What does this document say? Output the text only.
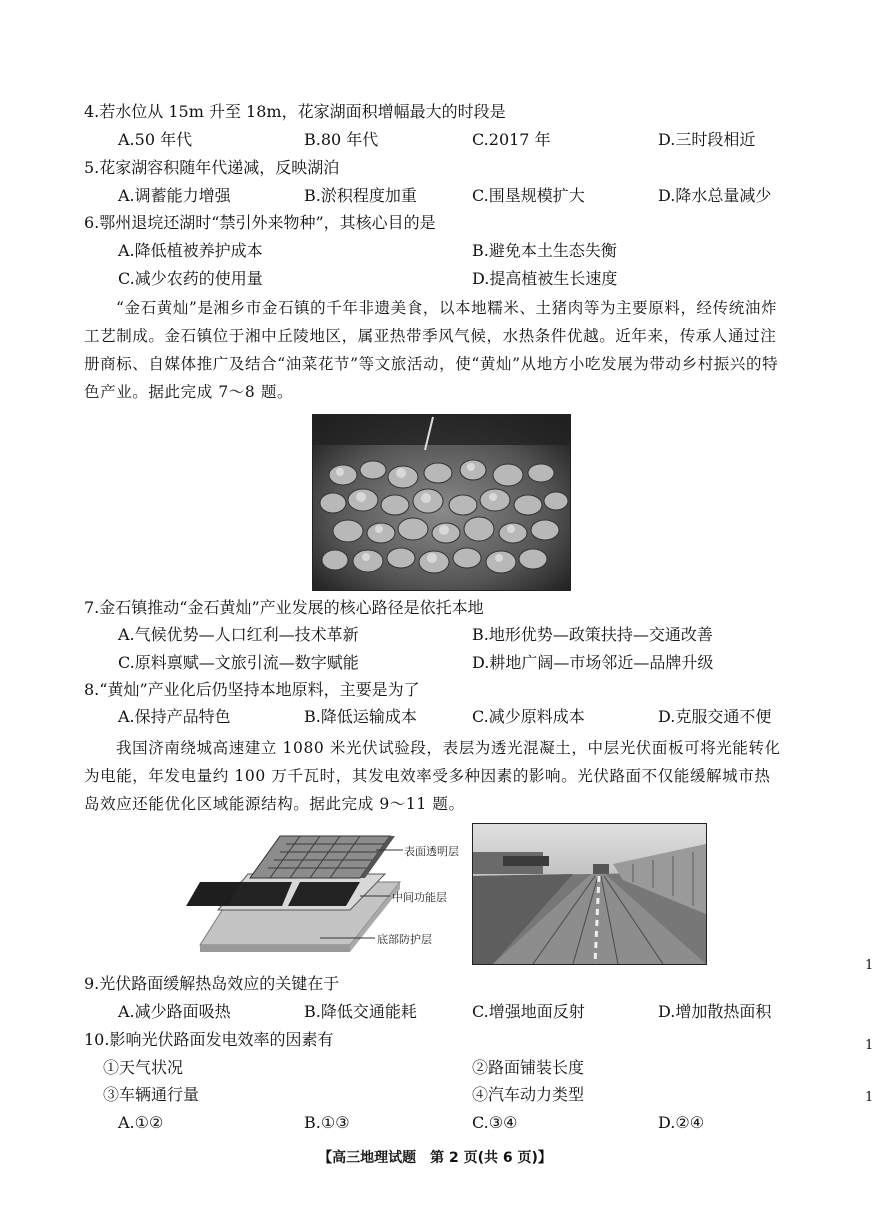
4.若水位从 15m 升至 18m，花家湖面积增幅最大的时段是
A.50 年代	B.80 年代	C.2017 年	D.三时段相近
5.花家湖容积随年代递减，反映湖泊
A.调蓄能力增强	B.淤积程度加重	C.围垦规模扩大	D.降水总量减少
6.鄂州退垸还湖时“禁引外来物种”，其核心目的是
A.降低植被养护成本	B.避免本土生态失衡
C.减少农药的使用量	D.提高植被生长速度
“金石黄灿”是湘乡市金石镇的千年非遗美食，以本地糯米、土猪肉等为主要原料，经传统油炸工艺制成。金石镇位于湘中丘陵地区，属亚热带季风气候，水热条件优越。近年来，传承人通过注册商标、自媒体推广及结合“油菜花节”等文旅活动，使“黄灿”从地方小吃发展为带动乡村振兴的特色产业。据此完成 7～8 题。
7.金石镇推动“金石黄灿”产业发展的核心路径是依托本地
A.气候优势—人口红利—技术革新	B.地形优势—政策扶持—交通改善
C.原料禀赋—文旅引流—数字赋能	D.耕地广阔—市场邻近—品牌升级
8.“黄灿”产业化后仍坚持本地原料，主要是为了
A.保持产品特色	B.降低运输成本	C.减少原料成本	D.克服交通不便
我国济南绕城高速建立 1080 米光伏试验段，表层为透光混凝土，中层光伏面板可将光能转化为电能，年发电量约 100 万千瓦时，其发电效率受多种因素的影响。光伏路面不仅能缓解城市热岛效应还能优化区域能源结构。据此完成 9～11 题。
表面透明层
中间功能层
底部防护层
9.光伏路面缓解热岛效应的关键在于
A.减少路面吸热	B.降低交通能耗	C.增强地面反射	D.增加散热面积
10.影响光伏路面发电效率的因素有
①天气状况	②路面铺装长度
③车辆通行量	④汽车动力类型
A.①②	B.①③	C.③④	D.②④
【高三地理试题　第 2 页(共 6 页)】
1
1
1
